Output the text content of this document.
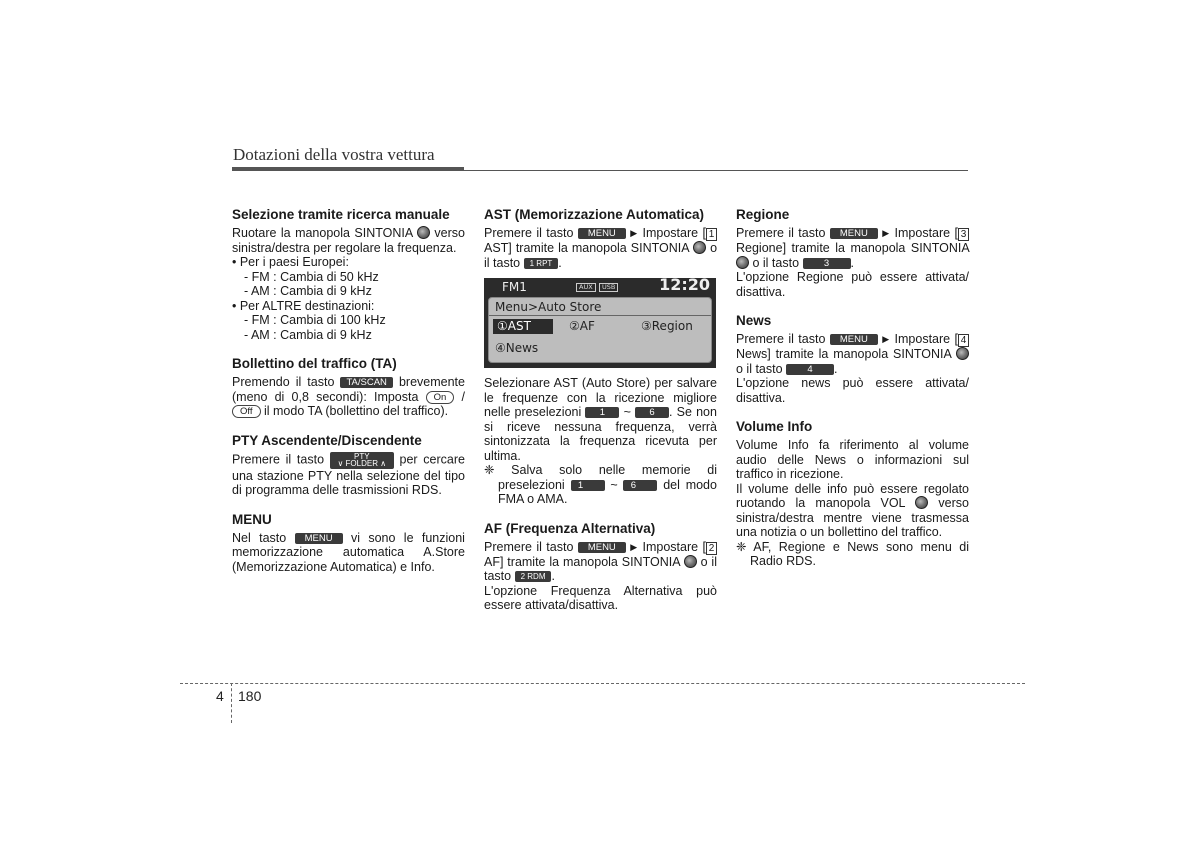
Dotazioni della vostra vettura
Selezione tramite ricerca manuale

Ruotare la manopola SINTONIA verso sinistra/destra per regolare la frequenza.

• Per i paesi Europei:
- FM : Cambia di 50 kHz
- AM : Cambia di 9 kHz
• Per ALTRE destinazioni:
- FM : Cambia di 100 kHz
- AM : Cambia di 9 kHz
Bollettino del traffico (TA)

Premendo il tasto TA/SCAN brevemente (meno di 0,8 secondi): Imposta On /Off il modo TA (bollettino del traffico).

PTY Ascendente/Discendente

Premere il tasto	PTY
∨ FOLDER ∧ per cercare una stazione PTY nella selezione del tipo di programma delle trasmissioni RDS.

MENU

Nel tasto MENU vi sono le funzioni memorizzazione automatica A.Store (Memorizzazione Automatica) e Info.

AST (Memorizzazione Automatica)

Premere il tasto MENU ▶ Impostare [ 1AST] tramite la manopola SINTONIA o il tasto 1 RPT .

FM1	AUX	USB	12:20
Menu>Auto Store
①AST	②AF	③Region
④News

Selezionare AST (Auto Store) per salvare le frequenze con la ricezione migliore nelle preselezioni 1 ~ 6 . Se non si riceve nessuna frequenza, verrà sintonizzata la frequenza ricevuta per ultima.

❈ Salva solo nelle memorie di preselezioni 1 ~ 6 del modo FMA o AMA.

AF (Frequenza Alternativa)

Premere il tasto MENU ▶ Impostare [ 2AF] tramite la manopola SINTONIA o il tasto 2 RDM .

L'opzione Frequenza Alternativa può essere attivata/disattiva.

Regione

Premere il tasto MENU ▶ Impostare [ 3 Regione] tramite la manopola SINTONIA  o il tasto	3 .

L'opzione Regione può essere attivata/ disattiva.

News

Premere il tasto MENU ▶ Impostare [ 4 News] tramite la manopola SINTONIA  o il tasto	4 .

L'opzione news può essere attivata/ disattiva.

Volume Info

Volume Info fa riferimento al volume audio delle News o informazioni sul traffico in ricezione.

Il volume delle info può essere regolato ruotando la manopola VOL	verso sinistra/destra mentre viene trasmessa una notizia o un bollettino del traffico.

❈ AF, Regione e News sono menu di Radio RDS.

4 180
